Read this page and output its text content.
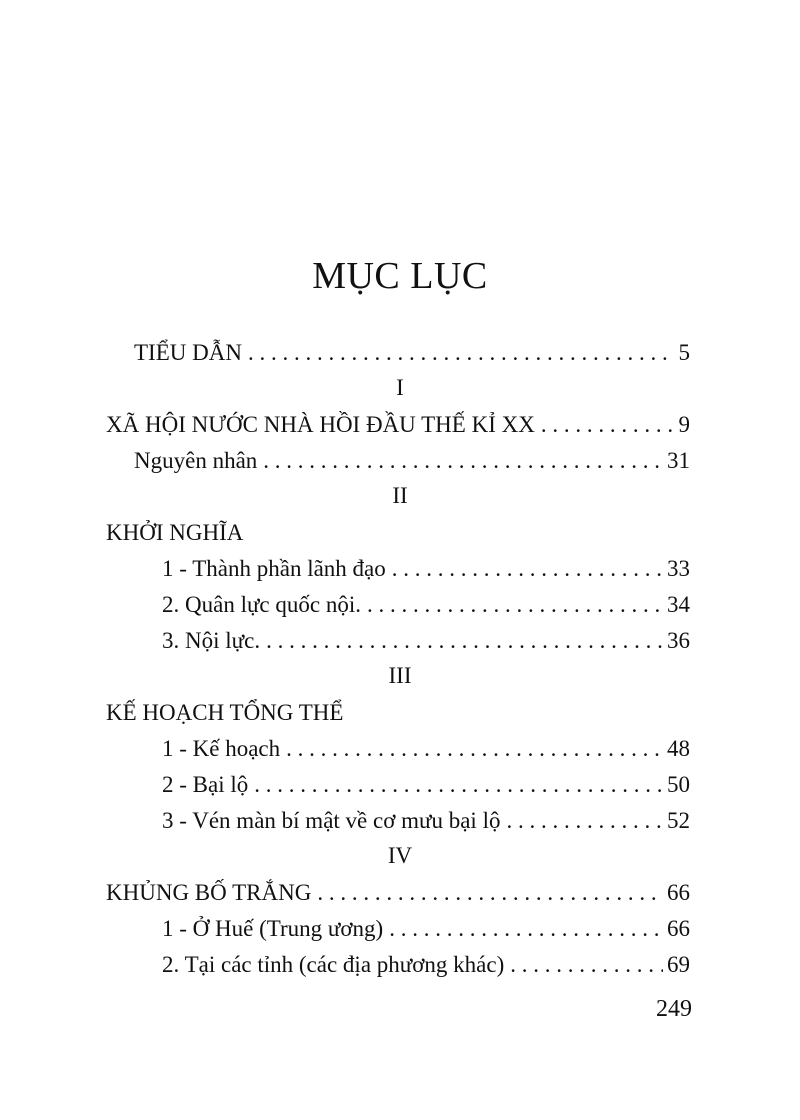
MỤC LỤC
TIỂU DẪN . . .	5
I
XÃ HỘI NƯỚC NHÀ HỒI ĐẦU THẾ KỈ XX . . .	9
Nguyên nhân . . .	31
II
KHỞI NGHĨA
1 - Thành phần lãnh đạo . . .	33
2. Quân lực quốc nội. . . .	34
3. Nội lực. . . .	36
III
KẾ HOẠCH TỔNG THỂ
1 - Kế hoạch . . .	48
2 - Bại lộ . . .	50
3 - Vén màn bí mật về cơ mưu bại lộ . . .	52
IV
KHỦNG BỐ TRẮNG . . .	66
1 - Ở Huế (Trung ương) . . .	66
2. Tại các tỉnh (các địa phương khác) . . .	69
249
